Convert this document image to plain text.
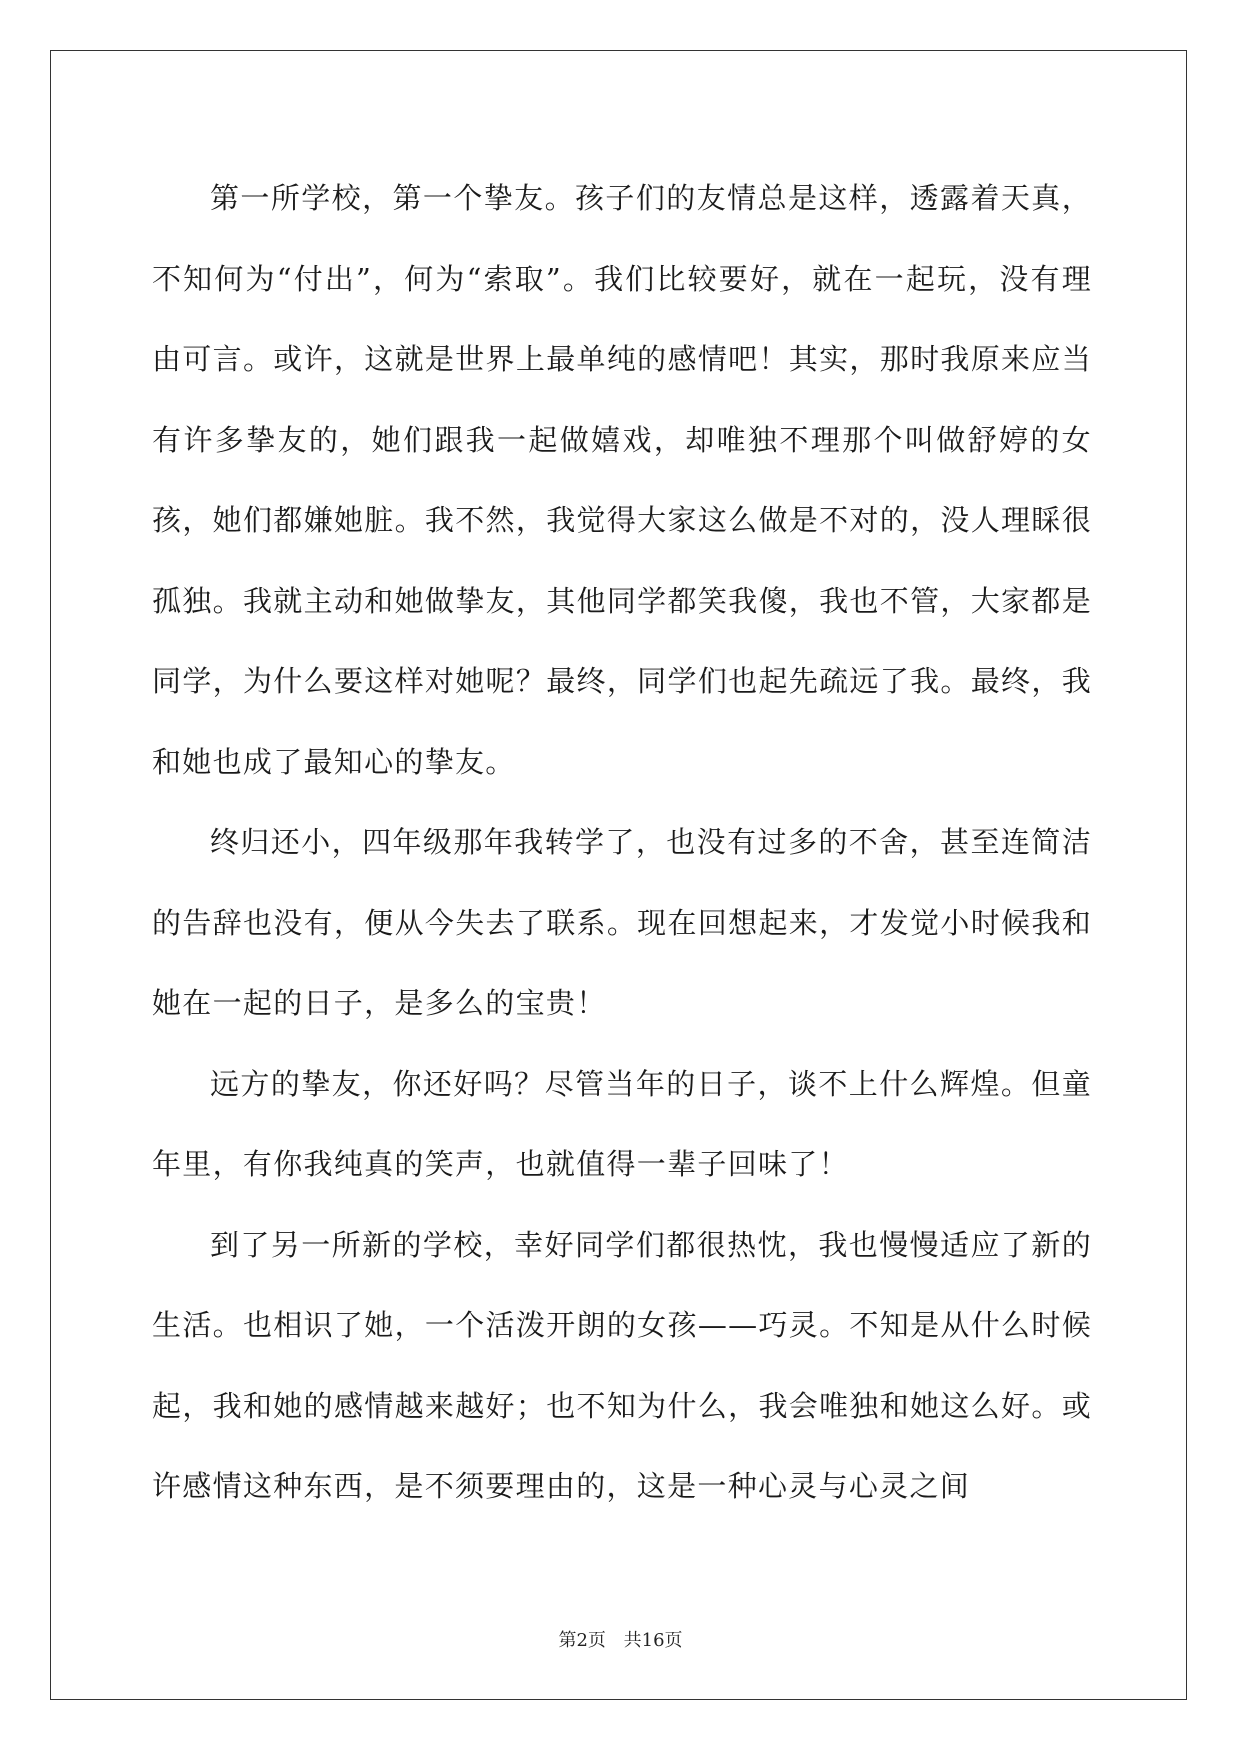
第一所学校，第一个挚友。孩子们的友情总是这样，透露着天真，不知何为“付出”，何为“索取”。我们比较要好，就在一起玩，没有理由可言。或许，这就是世界上最单纯的感情吧！其实，那时我原来应当有许多挚友的，她们跟我一起做嬉戏，却唯独不理那个叫做舒婷的女孩，她们都嫌她脏。我不然，我觉得大家这么做是不对的，没人理睬很孤独。我就主动和她做挚友，其他同学都笑我傻，我也不管，大家都是同学，为什么要这样对她呢？最终，同学们也起先疏远了我。最终，我和她也成了最知心的挚友。

终归还小，四年级那年我转学了，也没有过多的不舍，甚至连简洁的告辞也没有，便从今失去了联系。现在回想起来，才发觉小时候我和她在一起的日子，是多么的宝贵！

远方的挚友，你还好吗？尽管当年的日子，谈不上什么辉煌。但童年里，有你我纯真的笑声，也就值得一辈子回味了！

到了另一所新的学校，幸好同学们都很热忱，我也慢慢适应了新的生活。也相识了她，一个活泼开朗的女孩——巧灵。不知是从什么时候起，我和她的感情越来越好；也不知为什么，我会唯独和她这么好。或许感情这种东西，是不须要理由的，这是一种心灵与心灵之间

第2页 共16页
